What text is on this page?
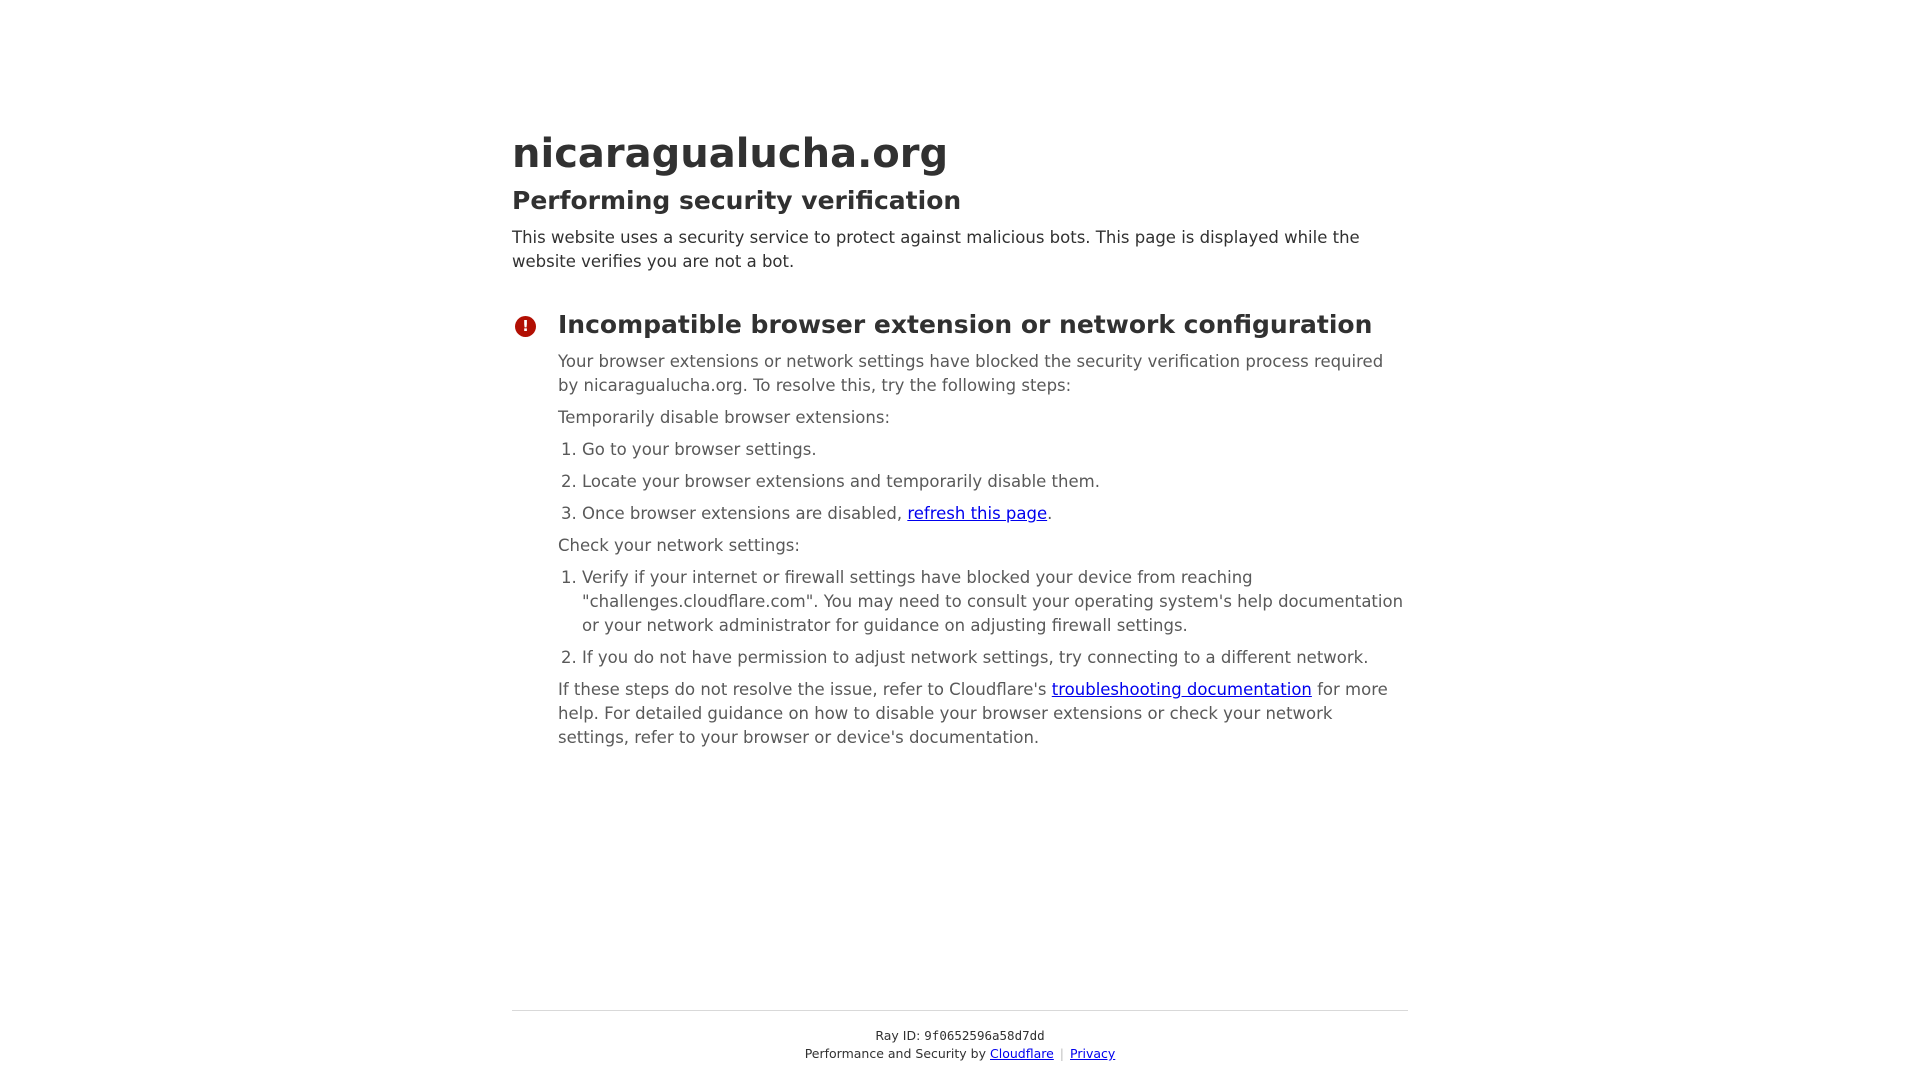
nicaragualucha.org
Performing security verification

This website uses a security service to protect against malicious bots. This page is displayed while the website verifies you are not a bot.

! Incompatible browser extension or network configuration

Your browser extensions or network settings have blocked the security verification process required by nicaragualucha.org. To resolve this, try the following steps:

Temporarily disable browser extensions:

1. Go to your browser settings.
2. Locate your browser extensions and temporarily disable them.
3. Once browser extensions are disabled, refresh this page.

Check your network settings:

1. Verify if your internet or firewall settings have blocked your device from reaching "challenges.cloudflare.com". You may need to consult your operating system's help documentation or your network administrator for guidance on adjusting firewall settings.
2. If you do not have permission to adjust network settings, try connecting to a different network.

If these steps do not resolve the issue, refer to Cloudflare's troubleshooting documentation for more help. For detailed guidance on how to disable your browser extensions or check your network settings, refer to your browser or device's documentation.

Ray ID: 9f0652596a58d7dd
Performance and Security by Cloudflare | Privacy
